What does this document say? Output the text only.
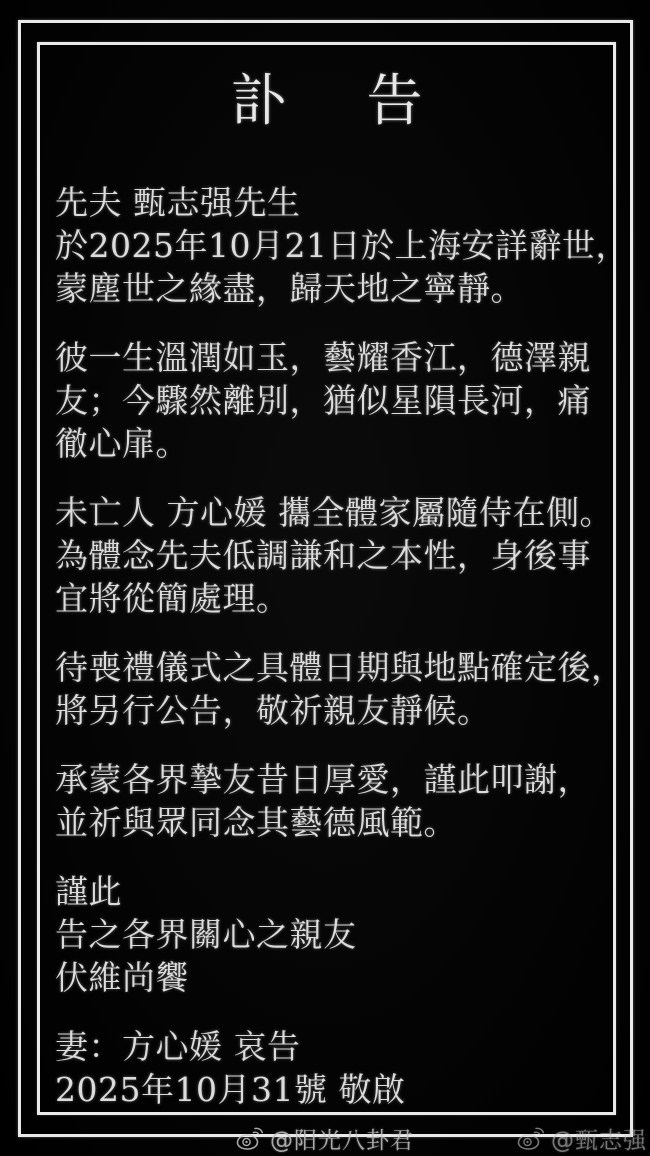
訃　告
先夫 甄志强先生
於2025年10月21日於上海安詳辭世，
蒙塵世之緣盡，歸天地之寧靜。
彼一生溫潤如玉，藝耀香江，德澤親
友；今驟然離別，猶似星隕長河，痛
徹心扉。
未亡人 方心媛 攜全體家屬隨侍在側。
為體念先夫低調謙和之本性，身後事
宜將從簡處理。
待喪禮儀式之具體日期與地點確定後，
將另行公告，敬祈親友靜候。
承蒙各界摯友昔日厚愛，謹此叩謝，
並祈與眾同念其藝德風範。
謹此
告之各界關心之親友
伏維尚饗
妻：方心媛 哀告
2025年10月31號 敬啟
@阳光八卦君	@甄志强
